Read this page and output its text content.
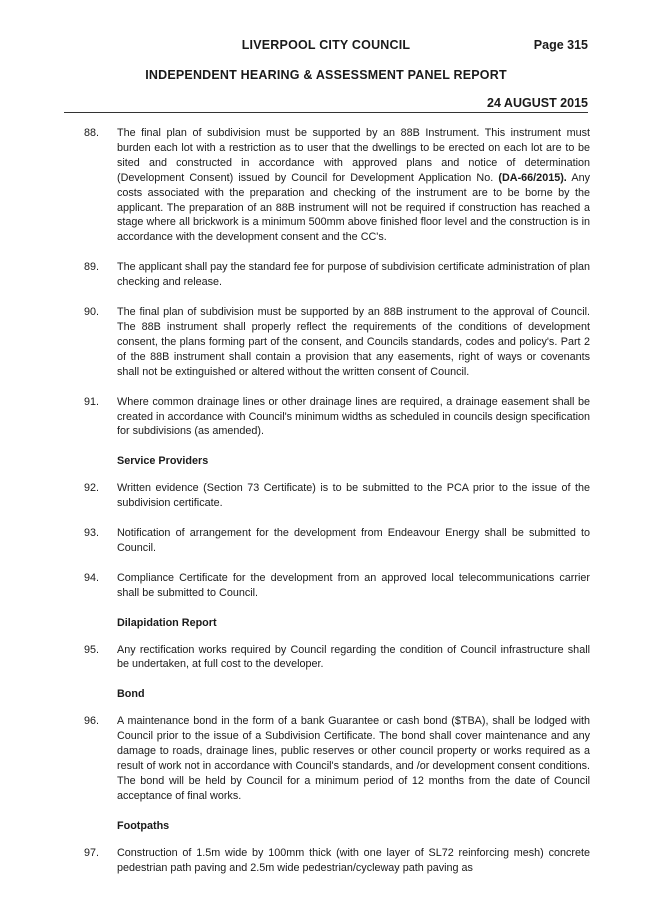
LIVERPOOL CITY COUNCIL	Page 315
INDEPENDENT HEARING & ASSESSMENT PANEL REPORT
24 AUGUST 2015
88.	The final plan of subdivision must be supported by an 88B Instrument. This instrument must burden each lot with a restriction as to user that the dwellings to be erected on each lot are to be sited and constructed in accordance with approved plans and notice of determination (Development Consent) issued by Council for Development Application No. (DA-66/2015). Any costs associated with the preparation and checking of the instrument are to be borne by the applicant. The preparation of an 88B instrument will not be required if construction has reached a stage where all brickwork is a minimum 500mm above finished floor level and the construction is in accordance with the development consent and the CC's.
89.	The applicant shall pay the standard fee for purpose of subdivision certificate administration of plan checking and release.
90.	The final plan of subdivision must be supported by an 88B instrument to the approval of Council. The 88B instrument shall properly reflect the requirements of the conditions of development consent, the plans forming part of the consent, and Councils standards, codes and policy's. Part 2 of the 88B instrument shall contain a provision that any easements, right of ways or covenants shall not be extinguished or altered without the written consent of Council.
91.	Where common drainage lines or other drainage lines are required, a drainage easement shall be created in accordance with Council's minimum widths as scheduled in councils design specification for subdivisions (as amended).
Service Providers
92.	Written evidence (Section 73 Certificate) is to be submitted to the PCA prior to the issue of the subdivision certificate.
93.	Notification of arrangement for the development from Endeavour Energy shall be submitted to Council.
94.	Compliance Certificate for the development from an approved local telecommunications carrier shall be submitted to Council.
Dilapidation Report
95.	Any rectification works required by Council regarding the condition of Council infrastructure shall be undertaken, at full cost to the developer.
Bond
96.	A maintenance bond in the form of a bank Guarantee or cash bond ($TBA), shall be lodged with Council prior to the issue of a Subdivision Certificate. The bond shall cover maintenance and any damage to roads, drainage lines, public reserves or other council property or works required as a result of work not in accordance with Council's standards, and /or development consent conditions. The bond will be held by Council for a minimum period of 12 months from the date of Council acceptance of final works.
Footpaths
97.	Construction of 1.5m wide by 100mm thick (with one layer of SL72 reinforcing mesh) concrete pedestrian path paving and 2.5m wide pedestrian/cycleway path paving as
